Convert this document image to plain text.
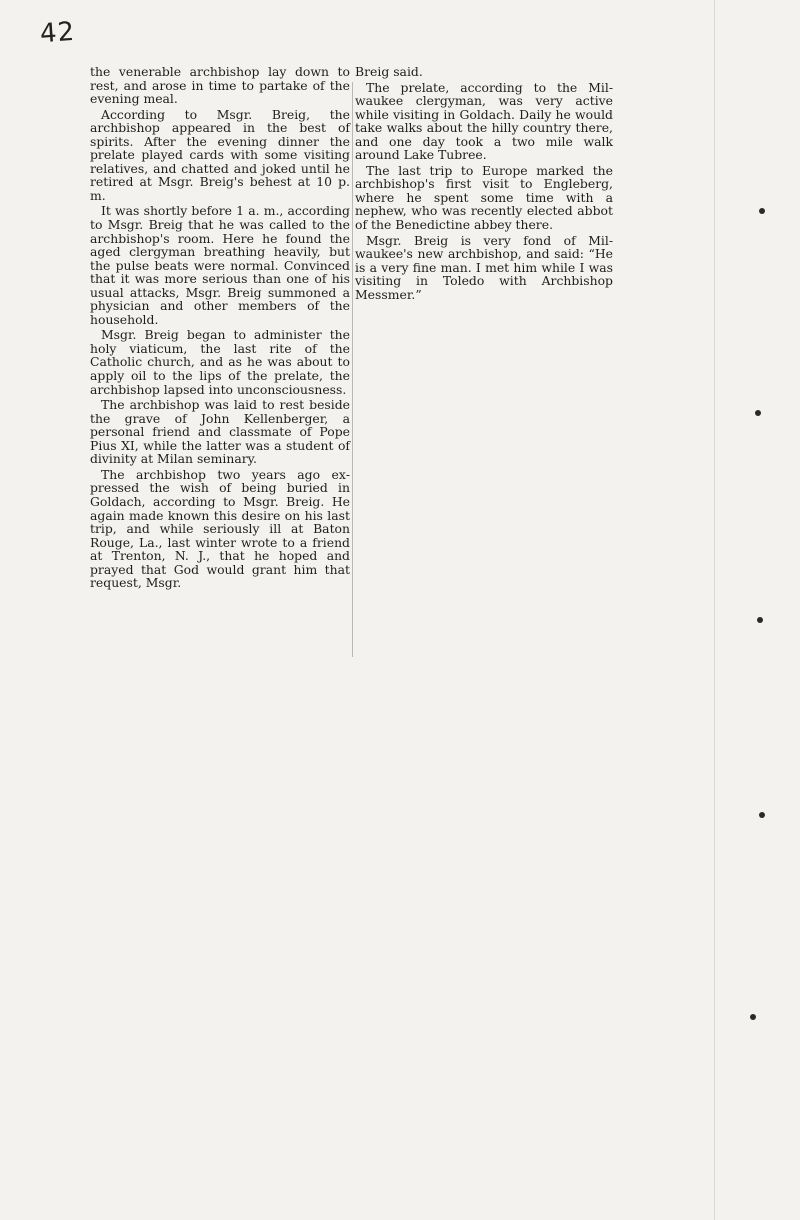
42

the venerable archbishop lay down to rest, and arose in time to partake of the evening meal.

According to Msgr. Breig, the archbishop appeared in the best of spirits. After the evening dinner the prelate played cards with some visiting relatives, and chatted and joked until he retired at Msgr. Breig's behest at 10 p. m.

It was shortly before 1 a. m., according to Msgr. Breig that he was called to the archbishop's room. Here he found the aged clergyman breathing heavily, but the pulse beats were normal. Convinced that it was more serious than one of his usual attacks, Msgr. Breig summoned a physician and other members of the household.

Msgr. Breig began to administer the holy viaticum, the last rite of the Catholic church, and as he was about to apply oil to the lips of the prelate, the archbishop lapsed into unconsciousness.

The archbishop was laid to rest beside the grave of John Kellenberger, a personal friend and classmate of Pope Pius XI, while the latter was a student of divinity at Milan seminary.

The archbishop two years ago expressed the wish of being buried in Goldach, according to Msgr. Breig. He again made known this desire on his last trip, and while seriously ill at Baton Rouge, La., last winter wrote to a friend at Trenton, N. J., that he hoped and prayed that God would grant him that request, Msgr.

Breig said.

The prelate, according to the Milwaukee clergyman, was very active while visiting in Goldach. Daily he would take walks about the hilly country there, and one day took a two mile walk around Lake Tubree.

The last trip to Europe marked the archbishop's first visit to Engleberg, where he spent some time with a nephew, who was recently elected abbot of the Benedictine abbey there.

Msgr. Breig is very fond of Milwaukee's new archbishop, and said: “He is a very fine man. I met him while I was visiting in Toledo with Archbishop Messmer.”
